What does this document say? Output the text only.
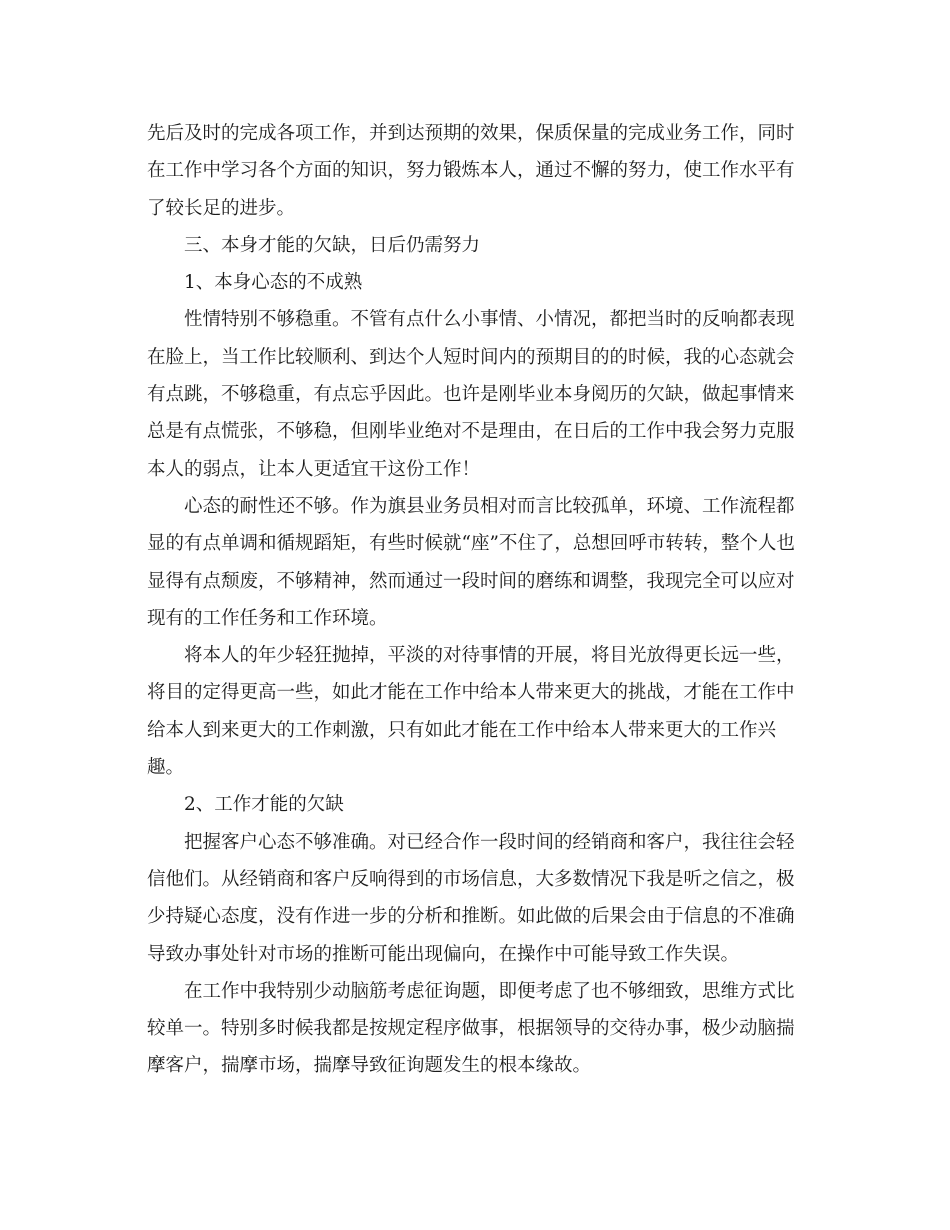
先后及时的完成各项工作，并到达预期的效果，保质保量的完成业务工作，同时
在工作中学习各个方面的知识，努力锻炼本人，通过不懈的努力，使工作水平有
了较长足的进步。
三、本身才能的欠缺，日后仍需努力
1、本身心态的不成熟
性情特别不够稳重。不管有点什么小事情、小情况，都把当时的反响都表现
在脸上，当工作比较顺利、到达个人短时间内的预期目的的时候，我的心态就会
有点跳，不够稳重，有点忘乎因此。也许是刚毕业本身阅历的欠缺，做起事情来
总是有点慌张，不够稳，但刚毕业绝对不是理由，在日后的工作中我会努力克服
本人的弱点，让本人更适宜干这份工作！
心态的耐性还不够。作为旗县业务员相对而言比较孤单，环境、工作流程都
显的有点单调和循规蹈矩，有些时候就“座”不住了，总想回呼市转转，整个人也
显得有点颓废，不够精神，然而通过一段时间的磨练和调整，我现完全可以应对
现有的工作任务和工作环境。
将本人的年少轻狂抛掉，平淡的对待事情的开展，将目光放得更长远一些，
将目的定得更高一些，如此才能在工作中给本人带来更大的挑战，才能在工作中
给本人到来更大的工作刺激，只有如此才能在工作中给本人带来更大的工作兴
趣。
2、工作才能的欠缺
把握客户心态不够准确。对已经合作一段时间的经销商和客户，我往往会轻
信他们。从经销商和客户反响得到的市场信息，大多数情况下我是听之信之，极
少持疑心态度，没有作进一步的分析和推断。如此做的后果会由于信息的不准确
导致办事处针对市场的推断可能出现偏向，在操作中可能导致工作失误。
在工作中我特别少动脑筋考虑征询题，即便考虑了也不够细致，思维方式比
较单一。特别多时候我都是按规定程序做事，根据领导的交待办事，极少动脑揣
摩客户，揣摩市场，揣摩导致征询题发生的根本缘故。
